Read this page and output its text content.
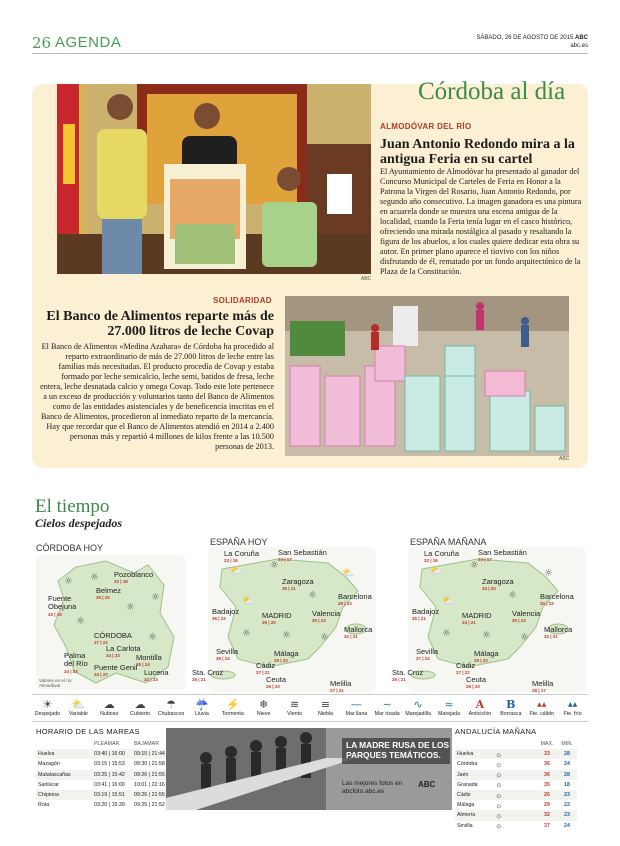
26 AGENDA	SÁBADO, 26 DE AGOSTO DE 2015 ABC
abc.es
Córdoba al día
ABC
ALMODÓVAR DEL RÍO
Juan Antonio Redondo mira a la antigua Feria en su cartel
El Ayuntamiento de Almodóvar ha presentado al ganador del Concurso Municipal de Carteles de Feria en Honor a la Patrona la Virgen del Rosario, Juan Antonio Redondo, por segundo año consecutivo. La imagen ganadora es una pintura en acuarela donde se muestra una escena antigua de la localidad, cuando la Feria tenía lugar en el casco histórico, ofreciendo una mirada nostálgica al pasado y resaltando la figura de los abuelos, a los cuales quiere dedicar esta obra su autor. En primer plano aparece el tiovivo con los niños disfrutando de él, rematado por un fondo arquitectónico de la Plaza de la Constitución.
SOLIDARIDAD
El Banco de Alimentos reparte más de 27.000 litros de leche Covap
El Banco de Alimentos «Medina Azahara» de Córdoba ha procedido al reparto extraordinario de más de 27.000 litros de leche entre las familias más necesitadas. El producto procedía de Covap y estaba formado por leche semicalcio, leche semi, batidos de fresa, leche entera, leche desnatada calcio y omega Covap. Todo este lote pertenece a un exceso de producción y voluntarios tanto del Banco de Alimentos como de las entidades asistenciales y de beneficencia inscritas en el Banco de Alimentos, procedieron al inmediato reparto de la mercancía. Hay que recordar que el Banco de Alimentos atendió en 2014 a 2.400 personas más y repartió 4 millones de kilos frente a las 10.500 personas de 2013.
ABC
El tiempo
Cielos despejados
CÓRDOBA HOY
ESPAÑA HOY	ESPAÑA MAÑANA
Pozoblanco
33 | 18
Belmez
35 | 20
Fuente Obejuna
33 | 18
CÓRDOBA
37 | 22
La Carlota
34 | 23	Montilla
35 | 24
Palma del Río
34 | 23	Puente Genil
34 | 22	Lucena
32 | 23
Valores en el río: Almodóvar
☼
☼
☼
☼
☼
☼
La Coruña
23 | 16
San Sebastián
24 | 17
Zaragoza
35 | 21
Barcelona
29 | 23
Badajoz
36 | 22	MADRID
35 | 20
Valencia
30 | 23
Mallorca
32 | 21
Sevilla
39 | 24
Málaga
29 | 23
Cádiz
27 | 21
Sta. Cruz
26 | 21	Ceuta
26 | 23	Melilla
27 | 21
⛅
☼
☼
⛅
⛅
☼	☼	☼
La Coruña
22 | 16
San Sebastián
24 | 17
Zaragoza
34 | 20
Barcelona
30 | 22
Badajoz
35 | 21	MADRID
34 | 21
Valencia
30 | 23
Mallorca
32 | 21
Sevilla
37 | 24
Málaga
29 | 23
Cádiz
27 | 22
Sta. Cruz
26 | 21	Ceuta
26 | 23	Melilla
28 | 17
⛅
☼
☼
☼
⛅
☼	☼	☼
☀
Despejado
⛅
Variable
☁
Nuboso
☁
Cubierto
☂
Chubascos
☔
Lluvia
⚡
Tormenta
❄
Nieve
≋
Viento
≡
Niebla
—
Mar llana
∼
Mar rizada
∿
Marejadilla
≈
Marejada
A
Anticiclón
B
Borrasca
▲▲
Fte. cálido
▲▲
Fte. frío
HORARIO DE LAS MAREAS
	PLEAMAR	BAJAMAR
Huelva	03:40 | 16:00	09:15 | 21:44
Mazagón	03:15 | 15:53	09:30 | 21:58
Matalascañas	03:25 | 15:42	09:26 | 21:55
Sanlúcar	03:41 | 16:00	10:01 | 22:16
Chipiona	03:19 | 15:51	09:26 | 21:55
Rota	03:20 | 15:39	09:25 | 21:52
LA MADRE RUSA DE LOS PARQUES TEMÁTICOS.
Las mejores fotos en abcfoto.abc.es
ABC
ANDALUCÍA MAÑANA
		MAX.	MIN.
Huelva	☼	33	28
Córdoba	☼	36	24
Jaén	☼	36	28
Granada	☼	35	18
Cádiz	☼	26	23
Málaga	☼	29	22
Almería	☼	32	23
Sevilla	☼	37	24
